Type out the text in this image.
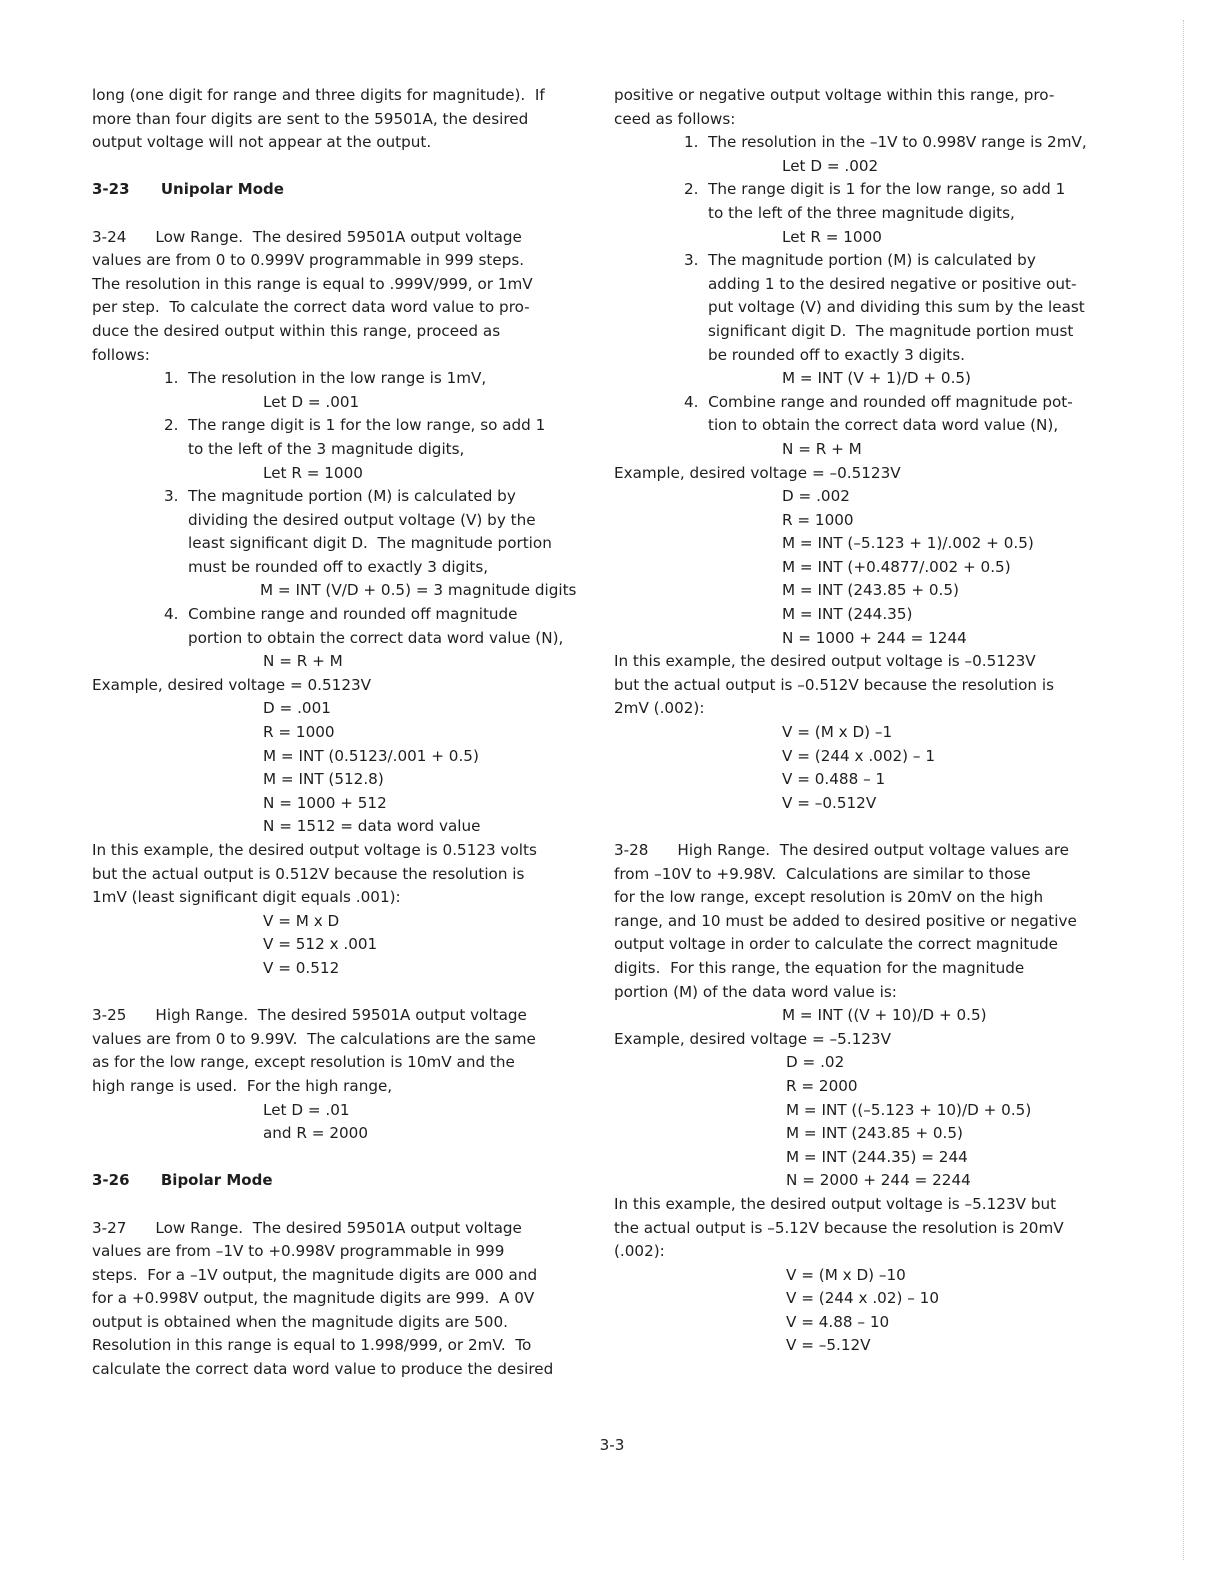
long (one digit for range and three digits for magnitude).  If
more than four digits are sent to the 59501A, the desired
output voltage will not appear at the output.
3-23      Unipolar Mode
3-24      Low Range.  The desired 59501A output voltage
values are from 0 to 0.999V programmable in 999 steps.
The resolution in this range is equal to .999V/999, or 1mV
per step.  To calculate the correct data word value to pro-
duce the desired output within this range, proceed as
follows:
1.  The resolution in the low range is 1mV,
Let D = .001
2.  The range digit is 1 for the low range, so add 1
to the left of the 3 magnitude digits,
Let R = 1000
3.  The magnitude portion (M) is calculated by
dividing the desired output voltage (V) by the
least significant digit D.  The magnitude portion
must be rounded off to exactly 3 digits,
M = INT (V/D + 0.5) = 3 magnitude digits
4.  Combine range and rounded off magnitude
portion to obtain the correct data word value (N),
N = R + M
Example, desired voltage = 0.5123V
D = .001
R = 1000
M = INT (0.5123/.001 + 0.5)
M = INT (512.8)
N = 1000 + 512
N = 1512 = data word value
In this example, the desired output voltage is 0.5123 volts
but the actual output is 0.512V because the resolution is
1mV (least significant digit equals .001):
V = M x D
V = 512 x .001
V = 0.512
3-25      High Range.  The desired 59501A output voltage
values are from 0 to 9.99V.  The calculations are the same
as for the low range, except resolution is 10mV and the
high range is used.  For the high range,
Let D = .01
and R = 2000
3-26      Bipolar Mode
3-27      Low Range.  The desired 59501A output voltage
values are from –1V to +0.998V programmable in 999
steps.  For a –1V output, the magnitude digits are 000 and
for a +0.998V output, the magnitude digits are 999.  A 0V
output is obtained when the magnitude digits are 500.
Resolution in this range is equal to 1.998/999, or 2mV.  To
calculate the correct data word value to produce the desired
positive or negative output voltage within this range, pro-
ceed as follows:
1.  The resolution in the –1V to 0.998V range is 2mV,
Let D = .002
2.  The range digit is 1 for the low range, so add 1
to the left of the three magnitude digits,
Let R = 1000
3.  The magnitude portion (M) is calculated by
adding 1 to the desired negative or positive out-
put voltage (V) and dividing this sum by the least
significant digit D.  The magnitude portion must
be rounded off to exactly 3 digits.
M = INT (V + 1)/D + 0.5)
4.  Combine range and rounded off magnitude pot-
tion to obtain the correct data word value (N),
N = R + M
Example, desired voltage = –0.5123V
D = .002
R = 1000
M = INT (–5.123 + 1)/.002 + 0.5)
M = INT (+0.4877/.002 + 0.5)
M = INT (243.85 + 0.5)
M = INT (244.35)
N = 1000 + 244 = 1244
In this example, the desired output voltage is –0.5123V
but the actual output is –0.512V because the resolution is
2mV (.002):
V = (M x D) –1
V = (244 x .002) – 1
V = 0.488 – 1
V = –0.512V
3-28      High Range.  The desired output voltage values are
from –10V to +9.98V.  Calculations are similar to those
for the low range, except resolution is 20mV on the high
range, and 10 must be added to desired positive or negative
output voltage in order to calculate the correct magnitude
digits.  For this range, the equation for the magnitude
portion (M) of the data word value is:
M = INT ((V + 10)/D + 0.5)
Example, desired voltage = –5.123V
D = .02
R = 2000
M = INT ((–5.123 + 10)/D + 0.5)
M = INT (243.85 + 0.5)
M = INT (244.35) = 244
N = 2000 + 244 = 2244
In this example, the desired output voltage is –5.123V but
the actual output is –5.12V because the resolution is 20mV
(.002):
V = (M x D) –10
V = (244 x .02) – 10
V = 4.88 – 10
V = –5.12V
3-3
